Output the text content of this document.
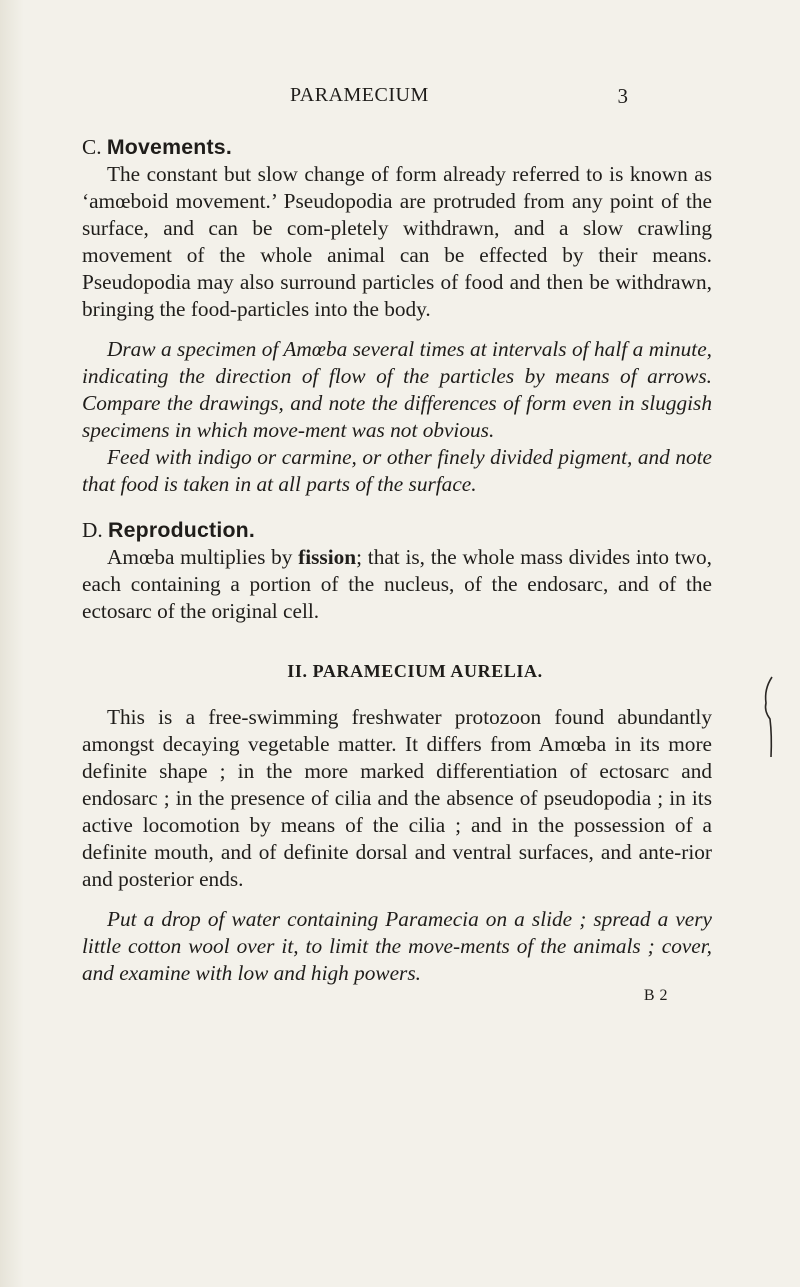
PARAMECIUM	3
C. Movements.

The constant but slow change of form already referred to is known as ‘amœboid movement.’ Pseudopodia are protruded from any point of the surface, and can be com-pletely withdrawn, and a slow crawling movement of the whole animal can be effected by their means. Pseudopodia may also surround particles of food and then be withdrawn, bringing the food-particles into the body.

Draw a specimen of Amœba several times at intervals of half a minute, indicating the direction of flow of the particles by means of arrows. Compare the drawings, and note the differences of form even in sluggish specimens in which move-ment was not obvious.

Feed with indigo or carmine, or other finely divided pigment, and note that food is taken in at all parts of the surface.

D. Reproduction.

Amœba multiplies by fission; that is, the whole mass divides into two, each containing a portion of the nucleus, of the endosarc, and of the ectosarc of the original cell.

II. PARAMECIUM AURELIA.

This is a free-swimming freshwater protozoon found abundantly amongst decaying vegetable matter. It differs from Amœba in its more definite shape ; in the more marked differentiation of ectosarc and endosarc ; in the presence of cilia and the absence of pseudopodia ; in its active locomotion by means of the cilia ; and in the possession of a definite mouth, and of definite dorsal and ventral surfaces, and ante-rior and posterior ends.

Put a drop of water containing Paramecia on a slide ; spread a very little cotton wool over it, to limit the move-ments of the animals ; cover, and examine with low and high powers.

B 2
